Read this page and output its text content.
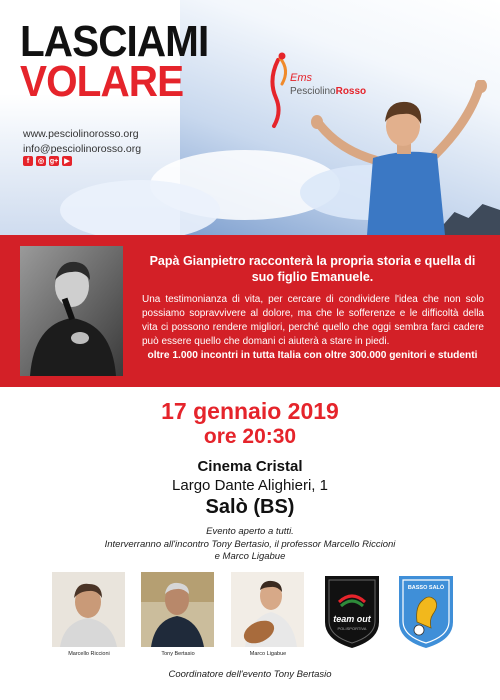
LASCIAMI
VOLARE
www.pesciolinorosso.org
info@pesciolinorosso.org
f	◎ g+ ▶
Ems
PesciolinoRosso
Papà Gianpietro racconterà la propria storia e quella di suo figlio Emanuele.
Una testimonianza di vita, per cercare di condividere l'idea che non solo possiamo sopravvivere al dolore, ma che le sofferenze e le difficoltà della vita ci possono rendere migliori, perché quello che oggi sembra farci cadere può essere quello che domani ci aiuterà a stare in piedi.
oltre 1.000 incontri in tutta Italia con oltre 300.000 genitori e studenti
17 gennaio 2019
ore 20:30
Cinema Cristal
Largo Dante Alighieri, 1
Salò (BS)
Evento aperto a tutti.
Interverranno all'incontro Tony Bertasio, il professor Marcello Riccioni
e Marco Ligabue
Marcello Riccioni	Tony Bertasio	Marco Ligabue
team out
POLISPORTIVA
BASSO SALÒ
Coordinatore dell'evento Tony Bertasio
